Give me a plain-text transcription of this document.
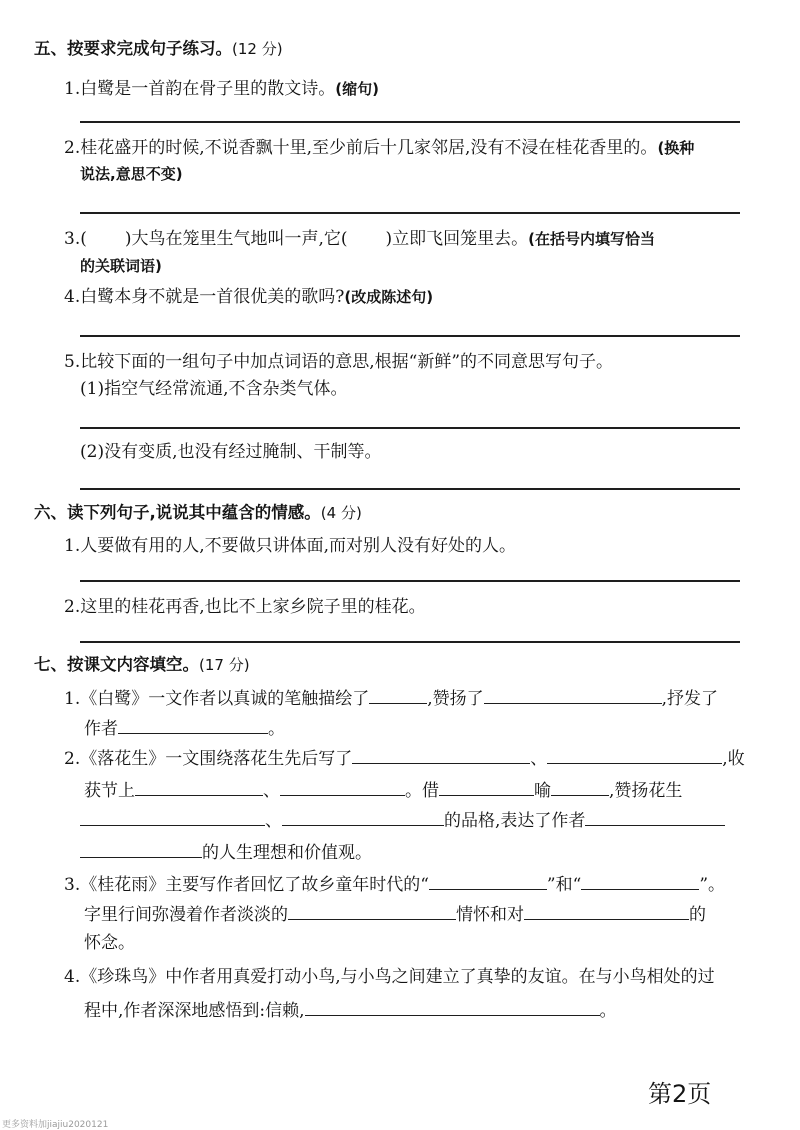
五、按要求完成句子练习。(12 分)
1.白鹭是一首韵在骨子里的散文诗。(缩句)
2.桂花盛开的时候,不说香飘十里,至少前后十几家邻居,没有不浸在桂花香里的。(换种
说法,意思不变)
3.( )大鸟在笼里生气地叫一声,它( )立即飞回笼里去。(在括号内填写恰当
的关联词语)
4.白鹭本身不就是一首很优美的歌吗?(改成陈述句)
5.比较下面的一组句子中加点词语的意思,根据“新鲜”的不同意思写句子。
(1)指空气经常流通,不含杂类气体。
(2)没有变质,也没有经过腌制、干制等。
六、读下列句子,说说其中蕴含的情感。(4 分)
1.人要做有用的人,不要做只讲体面,而对别人没有好处的人。
2.这里的桂花再香,也比不上家乡院子里的桂花。
七、按课文内容填空。(17 分)
1.《白鹭》一文作者以真诚的笔触描绘了	,赞扬了	,抒发了
作者	。
2.《落花生》一文围绕落花生先后写了	、	,收
获节上	、	。借	喻	,赞扬花生
、	的品格,表达了作者
的人生理想和价值观。
3.《桂花雨》主要写作者回忆了故乡童年时代的“	”和“	”。
字里行间弥漫着作者淡淡的	情怀和对	的
怀念。
4.《珍珠鸟》中作者用真爱打动小鸟,与小鸟之间建立了真挚的友谊。在与小鸟相处的过
程中,作者深深地感悟到:信赖,	。
第2页
更多资料加jiajiu2020121
